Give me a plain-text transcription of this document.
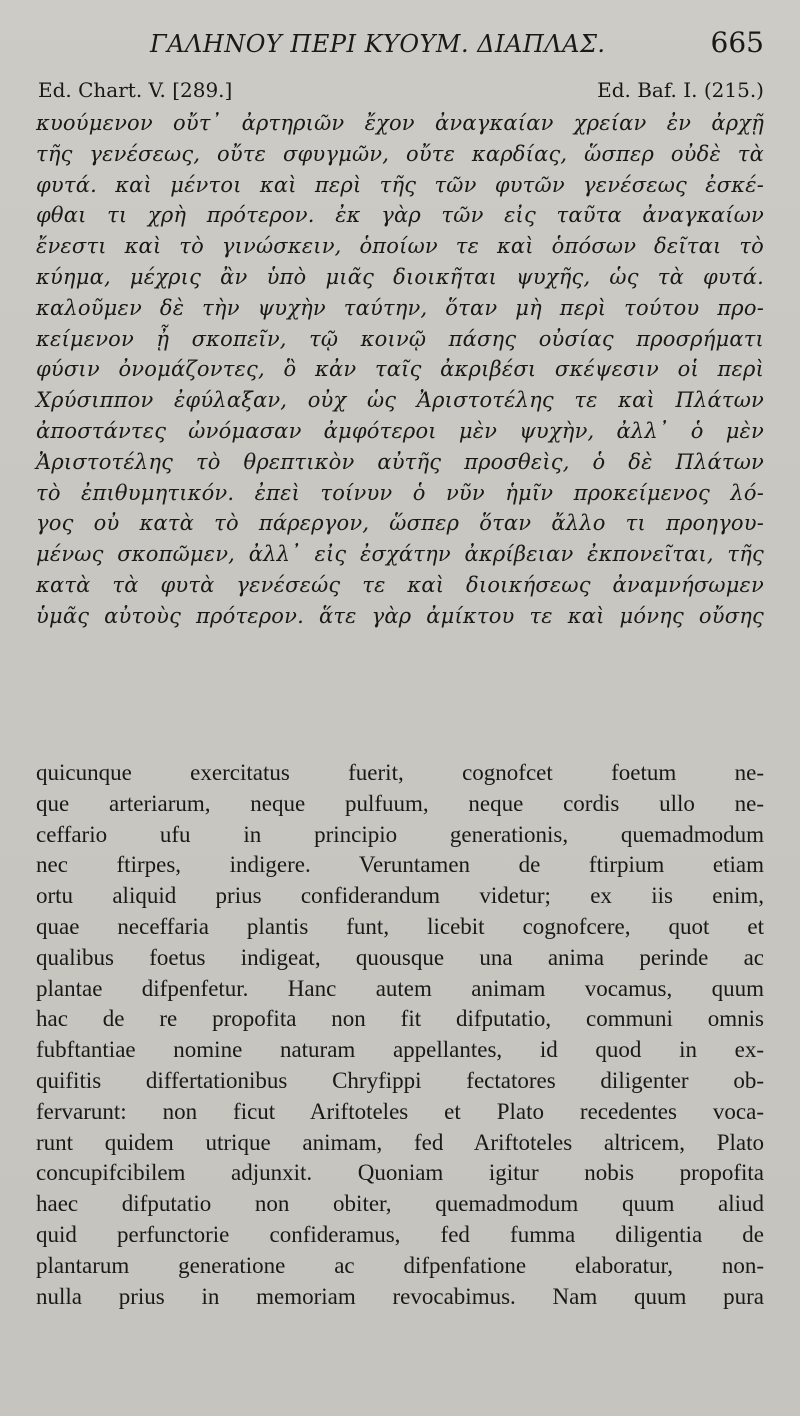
ΓΑΛΗΝΟΥ ΠΕΡΙ ΚΥΟΥΜ. ΔΙΑΠΛΑΣ.	665
Ed. Chart. V. [289.]	Ed. Baf. I. (215.)
κυούμενον οὔτ᾽ ἀρτηριῶν ἔχον ἀναγκαίαν χρείαν ἐν ἀρχῇ
τῆς γενέσεως, οὔτε σφυγμῶν, οὔτε καρδίας, ὥσπερ οὐδὲ τὰ
φυτά. καὶ μέντοι καὶ περὶ τῆς τῶν φυτῶν γενέσεως ἐσκέ-
φθαι τι χρὴ πρότερον. ἐκ γὰρ τῶν εἰς ταῦτα ἀναγκαίων
ἔνεστι καὶ τὸ γινώσκειν, ὁποίων τε καὶ ὁπόσων δεῖται τὸ
κύημα, μέχρις ἂν ὑπὸ μιᾶς διοικῆται ψυχῆς, ὡς τὰ φυτά.
καλοῦμεν δὲ τὴν ψυχὴν ταύτην, ὅταν μὴ περὶ τούτου προ-
κείμενον ᾖ σκοπεῖν, τῷ κοινῷ πάσης οὐσίας προσρήματι
φύσιν ὀνομάζοντες, ὃ κἀν ταῖς ἀκριβέσι σκέψεσιν οἱ περὶ
Χρύσιππον ἐφύλαξαν, οὐχ ὡς Ἀριστοτέλης τε καὶ Πλάτων
ἀποστάντες ὠνόμασαν ἀμφότεροι μὲν ψυχὴν, ἀλλ᾽ ὁ μὲν
Ἀριστοτέλης τὸ θρεπτικὸν αὐτῆς προσθεὶς, ὁ δὲ Πλάτων
τὸ ἐπιθυμητικόν. ἐπεὶ τοίνυν ὁ νῦν ἡμῖν προκείμενος λό-
γος οὐ κατὰ τὸ πάρεργον, ὥσπερ ὅταν ἄλλο τι προηγου-
μένως σκοπῶμεν, ἀλλ᾽ εἰς ἐσχάτην ἀκρίβειαν ἐκπονεῖται, τῆς
κατὰ τὰ φυτὰ γενέσεώς τε καὶ διοικήσεως ἀναμνήσωμεν
ὑμᾶς αὐτοὺς πρότερον. ἅτε γὰρ ἀμίκτου τε καὶ μόνης οὔσης
quicunque exercitatus fuerit, cognofcet foetum ne-
que arteriarum, neque pulfuum, neque cordis ullo ne-
ceffario ufu in principio generationis, quemadmodum
nec ftirpes, indigere. Veruntamen de ftirpium etiam
ortu aliquid prius confiderandum videtur; ex iis enim,
quae neceffaria plantis funt, licebit cognofcere, quot et
qualibus foetus indigeat, quousque una anima perinde ac
plantae difpenfetur. Hanc autem animam vocamus, quum
hac de re propofita non fit difputatio, communi omnis
fubftantiae nomine naturam appellantes, id quod in ex-
quifitis differtationibus Chryfippi fectatores diligenter ob-
fervarunt: non ficut Ariftoteles et Plato recedentes voca-
runt quidem utrique animam, fed Ariftoteles altricem, Plato
concupifcibilem adjunxit. Quoniam igitur nobis propofita
haec difputatio non obiter, quemadmodum quum aliud
quid perfunctorie confideramus, fed fumma diligentia de
plantarum generatione ac difpenfatione elaboratur, non-
nulla prius in memoriam revocabimus. Nam quum pura
